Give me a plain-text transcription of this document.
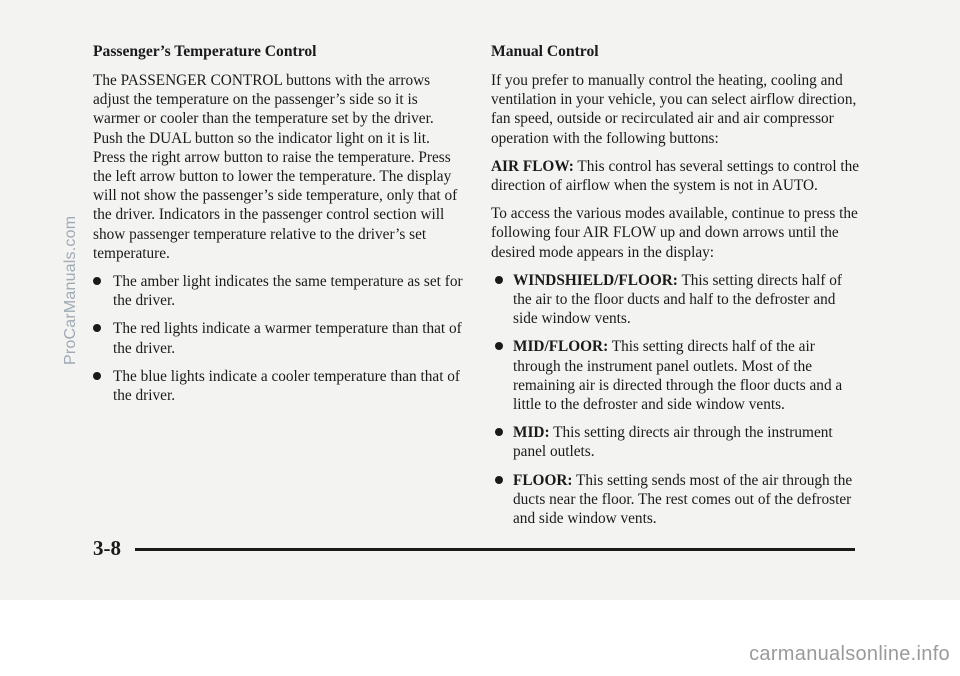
Passenger’s Temperature Control

The PASSENGER CONTROL buttons with the arrows adjust the temperature on the passenger’s side so it is warmer or cooler than the temperature set by the driver. Push the DUAL button so the indicator light on it is lit. Press the right arrow button to raise the temperature. Press the left arrow button to lower the temperature. The display will not show the passenger’s side temperature, only that of the driver. Indicators in the passenger control section will show passenger temperature relative to the driver’s set temperature.

The amber light indicates the same temperature as set for the driver.
The red lights indicate a warmer temperature than that of the driver.
The blue lights indicate a cooler temperature than that of the driver.
Manual Control

If you prefer to manually control the heating, cooling and ventilation in your vehicle, you can select airflow direction, fan speed, outside or recirculated air and air compressor operation with the following buttons:

AIR FLOW: This control has several settings to control the direction of airflow when the system is not in AUTO.

To access the various modes available, continue to press the following four AIR FLOW up and down arrows until the desired mode appears in the display:

WINDSHIELD/FLOOR: This setting directs half of the air to the floor ducts and half to the defroster and side window vents.
MID/FLOOR: This setting directs half of the air through the instrument panel outlets. Most of the remaining air is directed through the floor ducts and a little to the defroster and side window vents.
MID: This setting directs air through the instrument panel outlets.
FLOOR: This setting sends most of the air through the ducts near the floor. The rest comes out of the defroster and side window vents.
3-8
ProCarManuals.com
carmanualsonline.info
